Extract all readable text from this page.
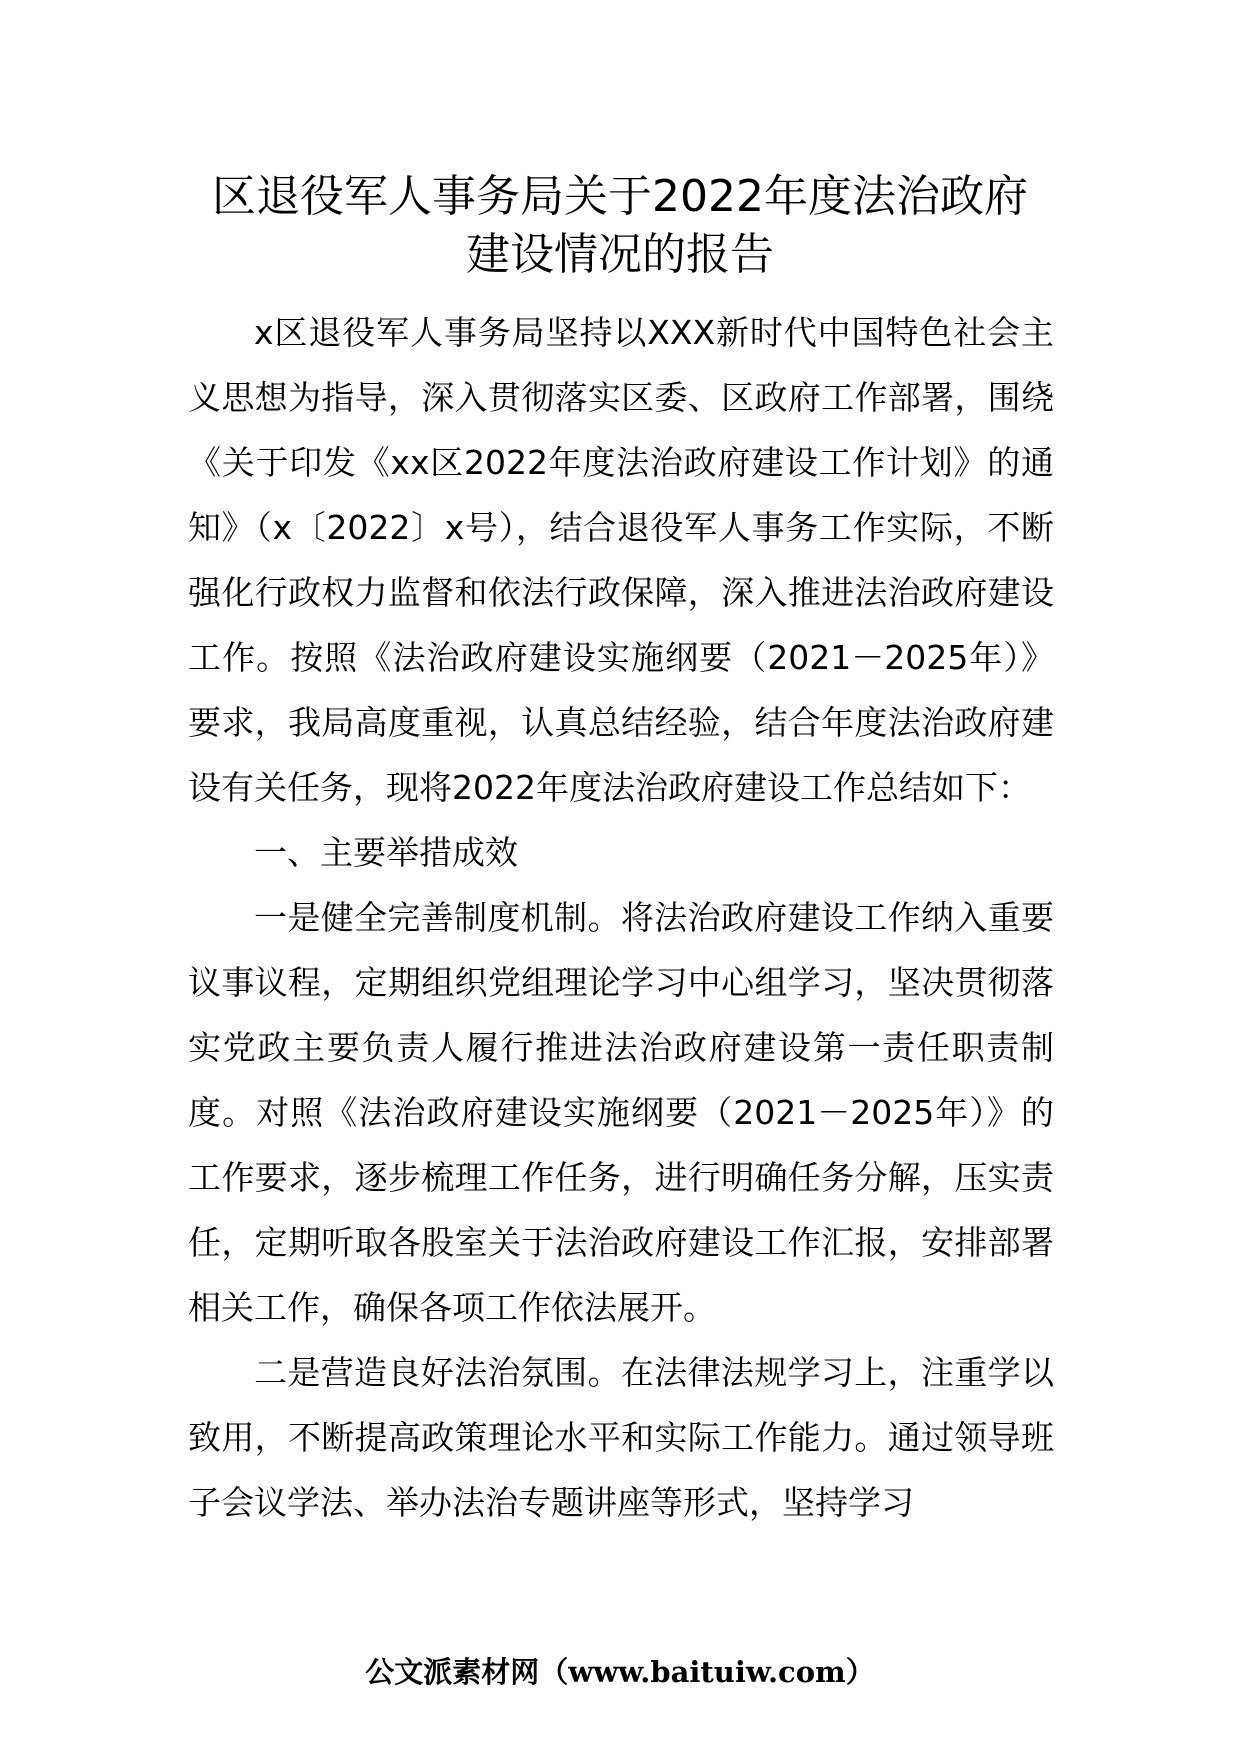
区退役军人事务局关于2022年度法治政府
建设情况的报告

x区退役军人事务局坚持以XXX新时代中国特色社会主义思想为指导，深入贯彻落实区委、区政府工作部署，围绕《关于印发《xx区2022年度法治政府建设工作计划》的通知》（x〔2022〕x号），结合退役军人事务工作实际，不断强化行政权力监督和依法行政保障，深入推进法治政府建设工作。按照《法治政府建设实施纲要（2021－2025年）》要求，我局高度重视，认真总结经验，结合年度法治政府建设有关任务，现将2022年度法治政府建设工作总结如下：

一、主要举措成效

一是健全完善制度机制。将法治政府建设工作纳入重要议事议程，定期组织党组理论学习中心组学习，坚决贯彻落实党政主要负责人履行推进法治政府建设第一责任职责制度。对照《法治政府建设实施纲要（2021－2025年）》的工作要求，逐步梳理工作任务，进行明确任务分解，压实责任，定期听取各股室关于法治政府建设工作汇报，安排部署相关工作，确保各项工作依法展开。

二是营造良好法治氛围。在法律法规学习上，注重学以致用，不断提高政策理论水平和实际工作能力。通过领导班子会议学法、举办法治专题讲座等形式，坚持学习

公文派素材网（www.baituiw.com）
